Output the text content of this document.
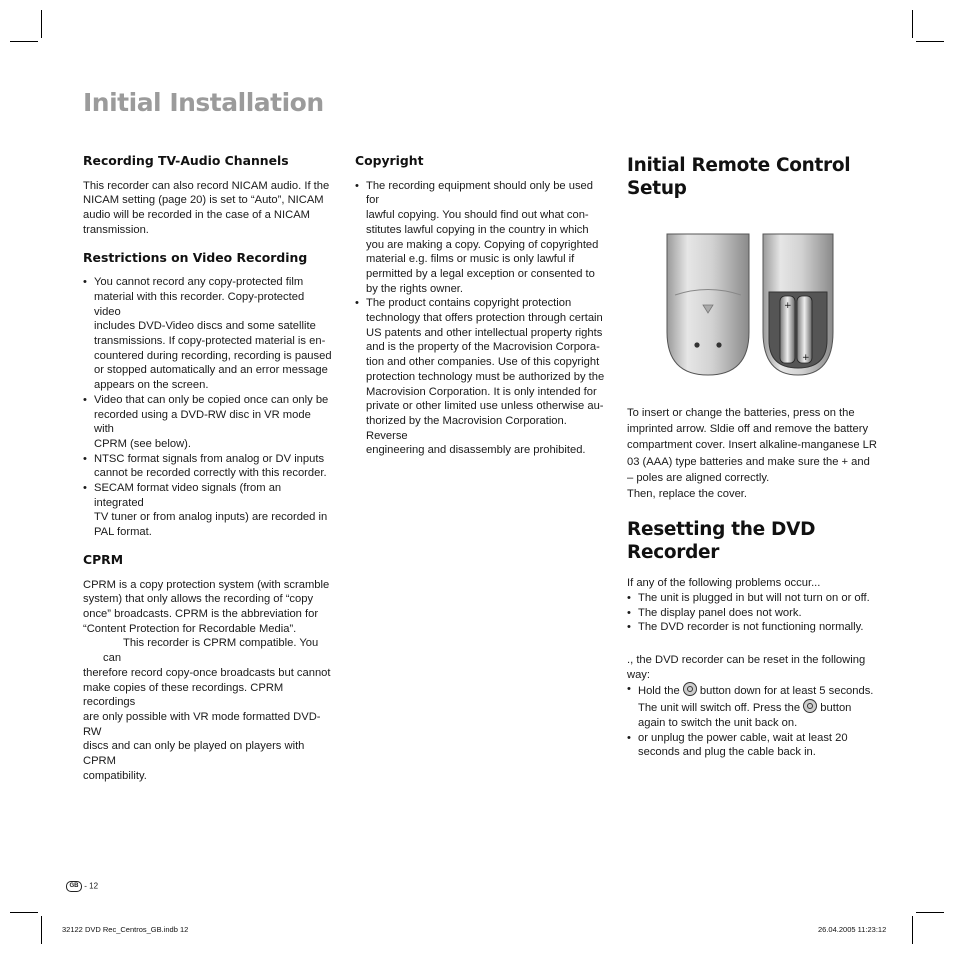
Initial Installation
Recording TV-Audio Channels

This recorder can also record NICAM audio. If the
NICAM setting (page 20) is set to “Auto”, NICAM
audio will be recorded in the case of a NICAM
transmission.

Restrictions on Video Recording
• You cannot record any copy-protected film
material with this recorder. Copy-protected video
includes DVD-Video discs and some satellite
transmissions. If copy-protected material is en-
countered during recording, recording is paused
or stopped automatically and an error message
appears on the screen.
• Video that can only be copied once can only be
recorded using a DVD-RW disc in VR mode with
CPRM (see below).
• NTSC format signals from analog or DV inputs
cannot be recorded correctly with this recorder.
• SECAM format video signals (from an integrated
TV tuner or from analog inputs) are recorded in
PAL format.
CPRM

CPRM is a copy protection system (with scramble
system) that only allows the recording of “copy
once” broadcasts. CPRM is the abbreviation for
“Content Protection for Recordable Media”.

This recorder is CPRM compatible. You can
therefore record copy-once broadcasts but cannot
make copies of these recordings. CPRM recordings
are only possible with VR mode formatted DVD-RW
discs and can only be played on players with CPRM
compatibility.

Copyright
• The recording equipment should only be used for
lawful copying. You should find out what con-
stitutes lawful copying in the country in which
you are making a copy. Copying of copyrighted
material e.g. films or music is only lawful if
permitted by a legal exception or consented to
by the rights owner.
• The product contains copyright protection
technology that offers protection through certain
US patents and other intellectual property rights
and is the property of the Macrovision Corpora-
tion and other companies. Use of this copyright
protection technology must be authorized by the
Macrovision Corporation. It is only intended for
private or other limited use unless otherwise au-
thorized by the Macrovision Corporation. Reverse
engineering and disassembly are prohibited.
Initial Remote Control
Setup
+
+

To insert or change the batteries, press on the
imprinted arrow. Sldie off and remove the battery
compartment cover. Insert alkaline-manganese LR
03 (AAA) type batteries and make sure the + and
– poles are aligned correctly.
Then, replace the cover.

Resetting the DVD Recorder

If any of the following problems occur...

• The unit is plugged in but will not turn on or off.
• The display panel does not work.
• The DVD recorder is not functioning normally.

., the DVD recorder can be reset in the following
way:

• Hold the  button down for at least 5 seconds.
The unit will switch off. Press the  button
again to switch the unit back on.
• or unplug the power cable, wait at least 20
seconds and plug the cable back in.
GB - 12
32122 DVD Rec_Centros_GB.indb 12	26.04.2005 11:23:12
